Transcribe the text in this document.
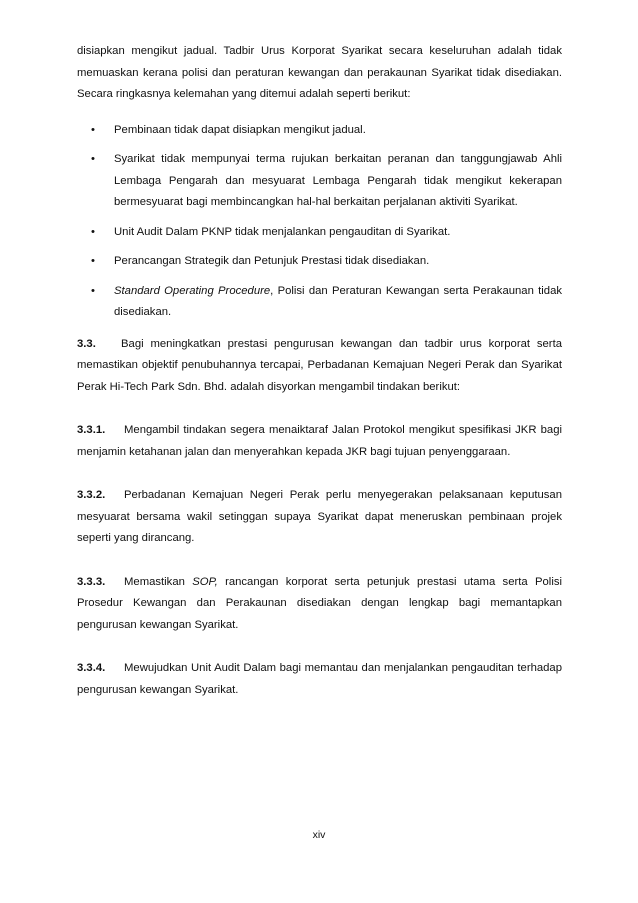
disiapkan mengikut jadual. Tadbir Urus Korporat Syarikat secara keseluruhan adalah tidak memuaskan kerana polisi dan peraturan kewangan dan perakaunan Syarikat tidak disediakan. Secara ringkasnya kelemahan yang ditemui adalah seperti berikut:

• Pembinaan tidak dapat disiapkan mengikut jadual.
• Syarikat tidak mempunyai terma rujukan berkaitan peranan dan tanggungjawab Ahli Lembaga Pengarah dan mesyuarat Lembaga Pengarah tidak mengikut kekerapan bermesyuarat bagi membincangkan hal-hal berkaitan perjalanan aktiviti Syarikat.
• Unit Audit Dalam PKNP tidak menjalankan pengauditan di Syarikat.
• Perancangan Strategik dan Petunjuk Prestasi tidak disediakan.
• Standard Operating Procedure, Polisi dan Peraturan Kewangan serta Perakaunan tidak disediakan.

3.3. Bagi meningkatkan prestasi pengurusan kewangan dan tadbir urus korporat serta memastikan objektif penubuhannya tercapai, Perbadanan Kemajuan Negeri Perak dan Syarikat Perak Hi-Tech Park Sdn. Bhd. adalah disyorkan mengambil tindakan berikut:

3.3.1. Mengambil tindakan segera menaiktaraf Jalan Protokol mengikut spesifikasi JKR bagi menjamin ketahanan jalan dan menyerahkan kepada JKR bagi tujuan penyenggaraan.

3.3.2. Perbadanan Kemajuan Negeri Perak perlu menyegerakan pelaksanaan keputusan mesyuarat bersama wakil setinggan supaya Syarikat dapat meneruskan pembinaan projek seperti yang dirancang.

3.3.3. Memastikan SOP, rancangan korporat serta petunjuk prestasi utama serta Polisi Prosedur Kewangan dan Perakaunan disediakan dengan lengkap bagi memantapkan pengurusan kewangan Syarikat.

3.3.4. Mewujudkan Unit Audit Dalam bagi memantau dan menjalankan pengauditan terhadap pengurusan kewangan Syarikat.

xiv
